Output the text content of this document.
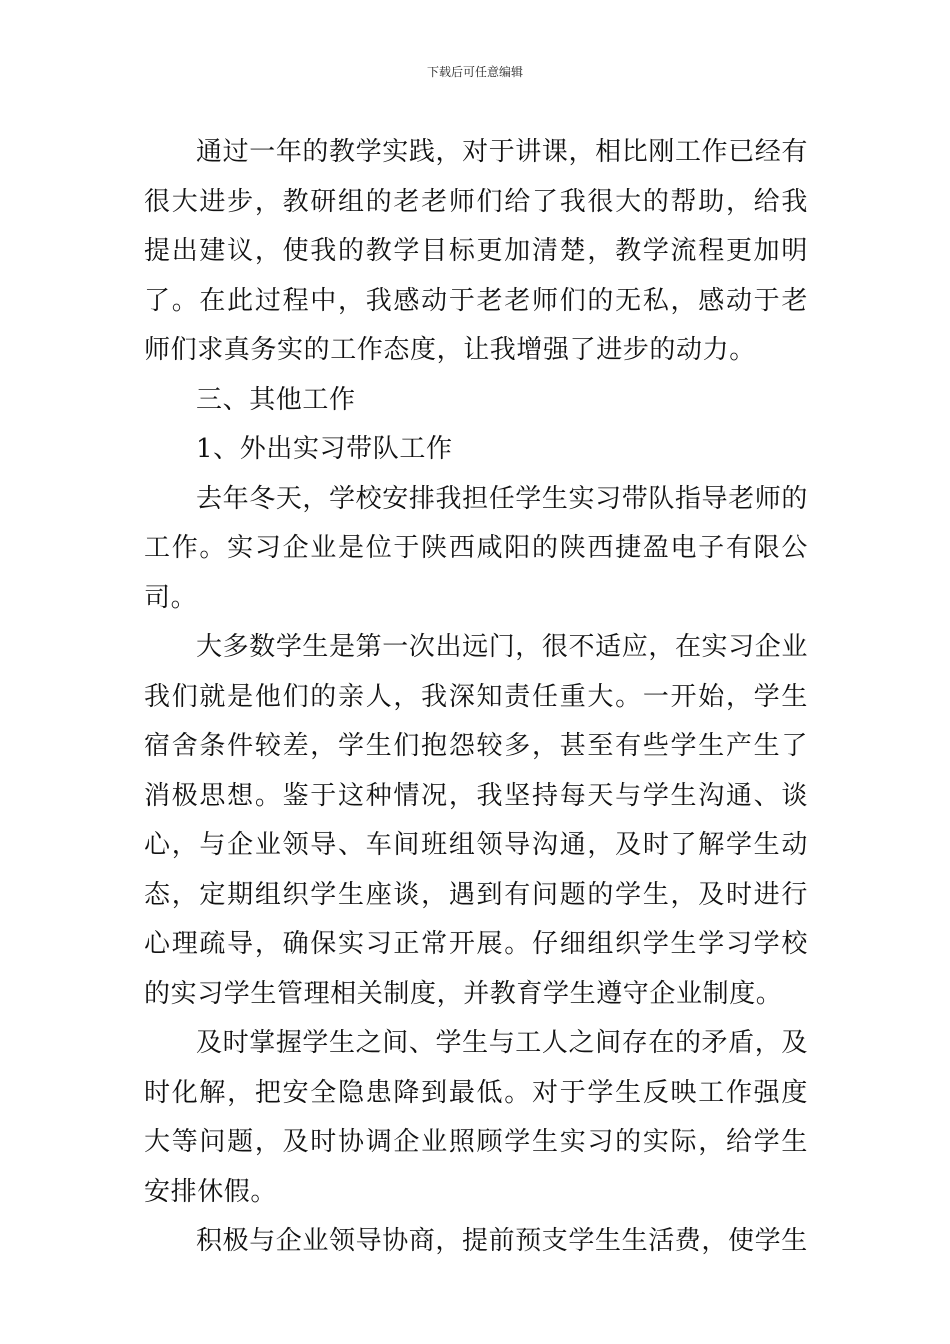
下载后可任意编辑

通过一年的教学实践，对于讲课，相比刚工作已经有很大进步，教研组的老老师们给了我很大的帮助，给我提出建议，使我的教学目标更加清楚，教学流程更加明了。在此过程中，我感动于老老师们的无私，感动于老师们求真务实的工作态度，让我增强了进步的动力。

三、其他工作

1、外出实习带队工作

去年冬天，学校安排我担任学生实习带队指导老师的工作。实习企业是位于陕西咸阳的陕西捷盈电子有限公司。

大多数学生是第一次出远门，很不适应，在实习企业我们就是他们的亲人，我深知责任重大。一开始，学生宿舍条件较差，学生们抱怨较多，甚至有些学生产生了消极思想。鉴于这种情况，我坚持每天与学生沟通、谈心，与企业领导、车间班组领导沟通，及时了解学生动态，定期组织学生座谈，遇到有问题的学生，及时进行心理疏导，确保实习正常开展。仔细组织学生学习学校的实习学生管理相关制度，并教育学生遵守企业制度。

及时掌握学生之间、学生与工人之间存在的矛盾，及时化解，把安全隐患降到最低。对于学生反映工作强度大等问题，及时协调企业照顾学生实习的实际，给学生安排休假。

积极与企业领导协商，提前预支学生生活费，使学生
